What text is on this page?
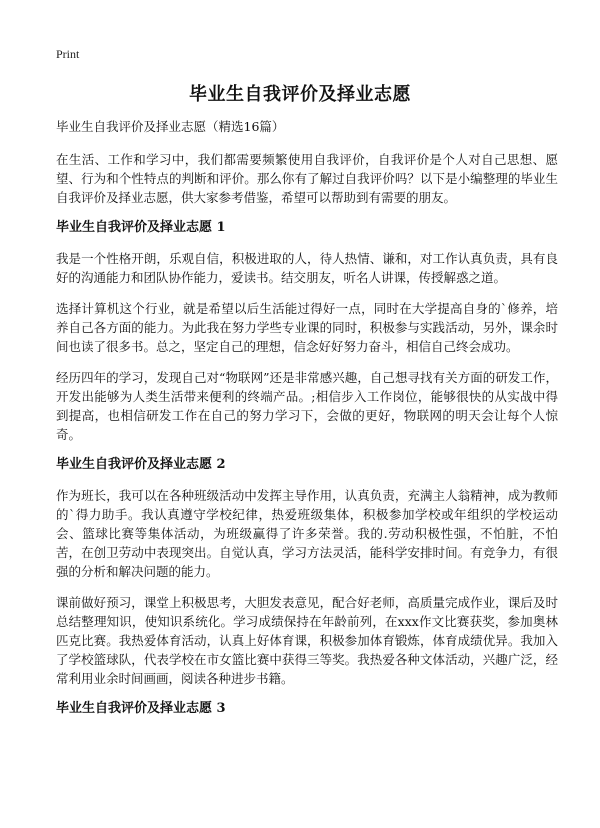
Print
毕业生自我评价及择业志愿
毕业生自我评价及择业志愿（精选16篇）

在生活、工作和学习中，我们都需要频繁使用自我评价，自我评价是个人对自己思想、愿望、行为和个性特点的判断和评价。那么你有了解过自我评价吗？以下是小编整理的毕业生自我评价及择业志愿，供大家参考借鉴，希望可以帮助到有需要的朋友。

毕业生自我评价及择业志愿 1

我是一个性格开朗，乐观自信，积极进取的人，待人热情、谦和，对工作认真负责，具有良好的沟通能力和团队协作能力，爱读书。结交朋友，听名人讲课，传授解惑之道。

选择计算机这个行业，就是希望以后生活能过得好一点，同时在大学提高自身的`修养，培养自己各方面的能力。为此我在努力学些专业课的同时，积极参与实践活动，另外，课余时间也读了很多书。总之，坚定自己的理想，信念好好努力奋斗，相信自己终会成功。

经历四年的学习，发现自己对“物联网”还是非常感兴趣，自己想寻找有关方面的研发工作，开发出能够为人类生活带来便利的终端产品。;相信步入工作岗位，能够很快的从实战中得到提高，也相信研发工作在自己的努力学习下，会做的更好，物联网的明天会让每个人惊奇。

毕业生自我评价及择业志愿 2

作为班长，我可以在各种班级活动中发挥主导作用，认真负责，充满主人翁精神，成为教师的`得力助手。我认真遵守学校纪律，热爱班级集体，积极参加学校或年组织的学校运动会、篮球比赛等集体活动，为班级赢得了许多荣誉。我的.劳动积极性强，不怕脏，不怕苦，在创卫劳动中表现突出。自觉认真，学习方法灵活，能科学安排时间。有竞争力，有很强的分析和解决问题的能力。

课前做好预习，课堂上积极思考，大胆发表意见，配合好老师，高质量完成作业，课后及时总结整理知识，使知识系统化。学习成绩保持在年龄前列，在xxx作文比赛获奖，参加奥林匹克比赛。我热爱体育活动，认真上好体育课，积极参加体育锻炼，体育成绩优异。我加入了学校篮球队，代表学校在市女篮比赛中获得三等奖。我热爱各种文体活动，兴趣广泛，经常利用业余时间画画，阅读各种进步书籍。

毕业生自我评价及择业志愿 3
